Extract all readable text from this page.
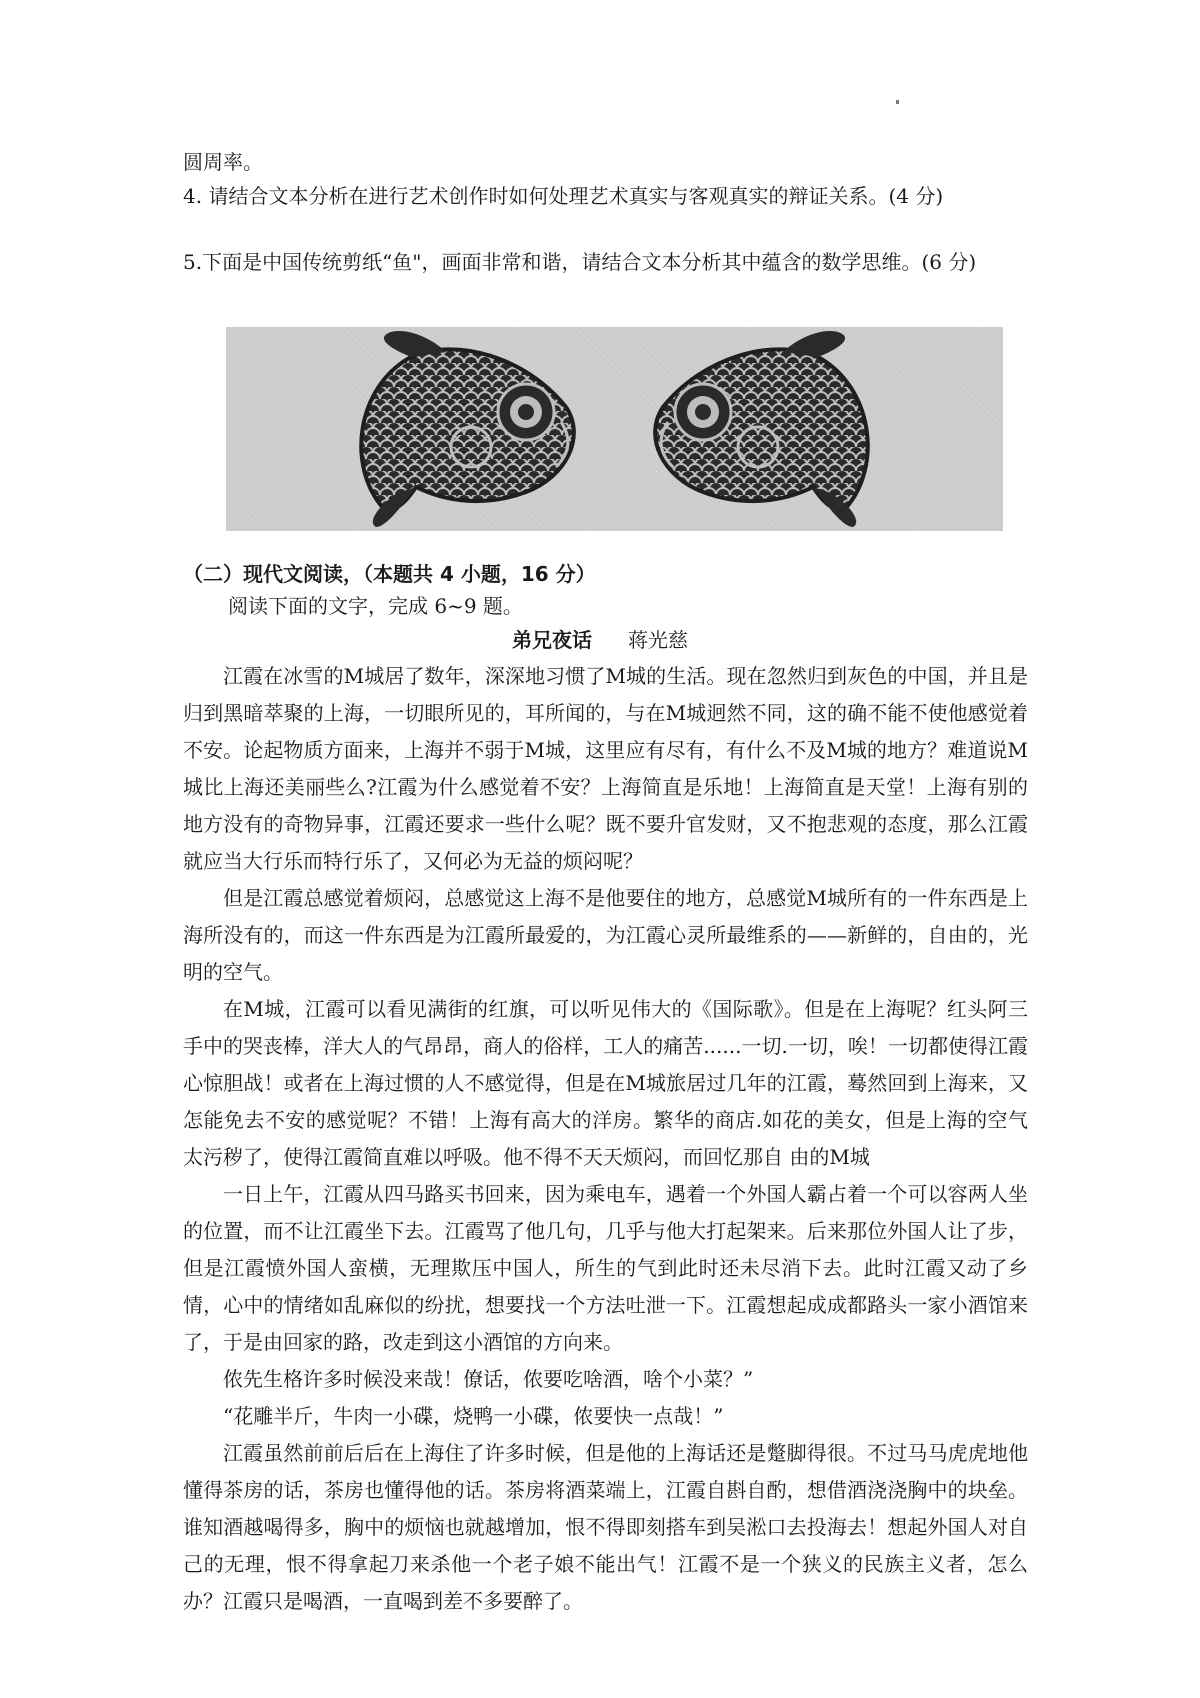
圆周率。
4. 请结合文本分析在进行艺术创作时如何处理艺术真实与客观真实的辩证关系。(4 分)
5.下面是中国传统剪纸“鱼"，画面非常和谐，请结合文本分析其中蕴含的数学思维。(6 分)
（二）现代文阅读，（本题共 4 小题，16 分）
阅读下面的文字，完成 6~9 题。
弟兄夜话 蒋光慈

江霞在冰雪的M城居了数年，深深地习惯了M城的生活。现在忽然归到灰色的中国，并且是归到黑暗萃聚的上海，一切眼所见的，耳所闻的，与在M城迥然不同，这的确不能不使他感觉着不安。论起物质方面来，上海并不弱于M城，这里应有尽有，有什么不及M城的地方？难道说M城比上海还美丽些么?江霞为什么感觉着不安？上海简直是乐地！上海简直是天堂！上海有别的地方没有的奇物异事，江霞还要求一些什么呢？既不要升官发财，又不抱悲观的态度，那么江霞就应当大行乐而特行乐了，又何必为无益的烦闷呢？

但是江霞总感觉着烦闷，总感觉这上海不是他要住的地方，总感觉M城所有的一件东西是上海所没有的，而这一件东西是为江霞所最爱的，为江霞心灵所最维系的——新鲜的，自由的，光明的空气。

在M城，江霞可以看见满街的红旗，可以听见伟大的《国际歌》。但是在上海呢？红头阿三手中的哭丧棒，洋大人的气昂昂，商人的俗样，工人的痛苦......一切.一切，唉！一切都使得江霞心惊胆战！或者在上海过惯的人不感觉得，但是在M城旅居过几年的江霞，蓦然回到上海来，又怎能免去不安的感觉呢？不错！上海有高大的洋房。繁华的商店.如花的美女，但是上海的空气太污秽了，使得江霞简直难以呼吸。他不得不天天烦闷，而回忆那自 由的M城

一日上午，江霞从四马路买书回来，因为乘电车，遇着一个外国人霸占着一个可以容两人坐的位置，而不让江霞坐下去。江霞骂了他几句，几乎与他大打起架来。后来那位外国人让了步，但是江霞愤外国人蛮横，无理欺压中国人，所生的气到此时还未尽消下去。此时江霞又动了乡情，心中的情绪如乱麻似的纷扰，想要找一个方法吐泄一下。江霞想起成成都路头一家小酒馆来了，于是由回家的路，改走到这小酒馆的方向来。

侬先生格许多时候没来哉！僚话，侬要吃啥酒，啥个小菜？”

“花雕半斤，牛肉一小碟，烧鸭一小碟，侬要快一点哉！”

江霞虽然前前后后在上海住了许多时候，但是他的上海话还是蹩脚得很。不过马马虎虎地他懂得茶房的话，茶房也懂得他的话。茶房将酒菜端上，江霞自斟自酌，想借酒浇浇胸中的块垒。谁知酒越喝得多，胸中的烦恼也就越增加，恨不得即刻搭车到吴淞口去投海去！想起外国人对自己的无理，恨不得拿起刀来杀他一个老子娘不能出气！江霞不是一个狭义的民族主义者，怎么办？江霞只是喝酒，一直喝到差不多要醉了。
